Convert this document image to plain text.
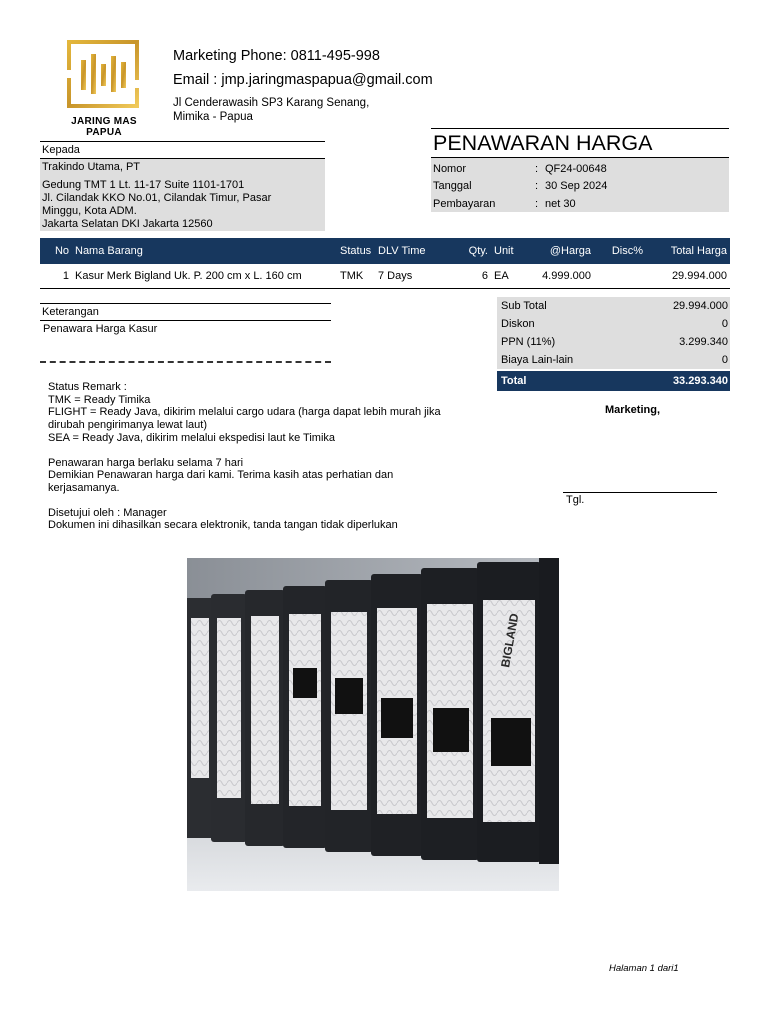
JARING MAS PAPUA
Marketing Phone: 0811-495-998
Email : jmp.jaringmaspapua@gmail.com
Jl Cenderawasih SP3 Karang Senang,
Mimika - Papua
Kepada
Trakindo Utama, PT
Gedung TMT 1 Lt. 11-17 Suite 1101-1701
Jl. Cilandak KKO No.01, Cilandak Timur, Pasar
Minggu, Kota ADM.
Jakarta Selatan DKI Jakarta 12560
PENAWARAN HARGA
Nomor	: QF24-00648
Tanggal	: 30 Sep 2024
Pembayaran	: net 30
No	Nama Barang	Status	DLV Time	Qty.	Unit	@Harga	Disc%	Total Harga
1	Kasur Merk Bigland Uk. P. 200 cm x L. 160 cm	TMK	7 Days	6	EA	4.999.000		29.994.000
Keterangan
Penawara Harga Kasur
Sub Total	29.994.000
Diskon	0
PPN (11%)	3.299.340
Biaya Lain-lain	0
Total	33.293.340
Marketing,
Tgl.
Status Remark :
TMK = Ready Timika
FLIGHT = Ready Java, dikirim melalui cargo udara (harga dapat lebih murah jika
dirubah pengirimanya lewat laut)
SEA = Ready Java, dikirim melalui ekspedisi laut ke Timika
Penawaran harga berlaku selama 7 hari
Demikian Penawaran harga dari kami. Terima kasih atas perhatian dan
kerjasamanya.
Disetujui oleh : Manager
Dokumen ini dihasilkan secara elektronik, tanda tangan tidak diperlukan
BIGLAND
Halaman 1 dari1
